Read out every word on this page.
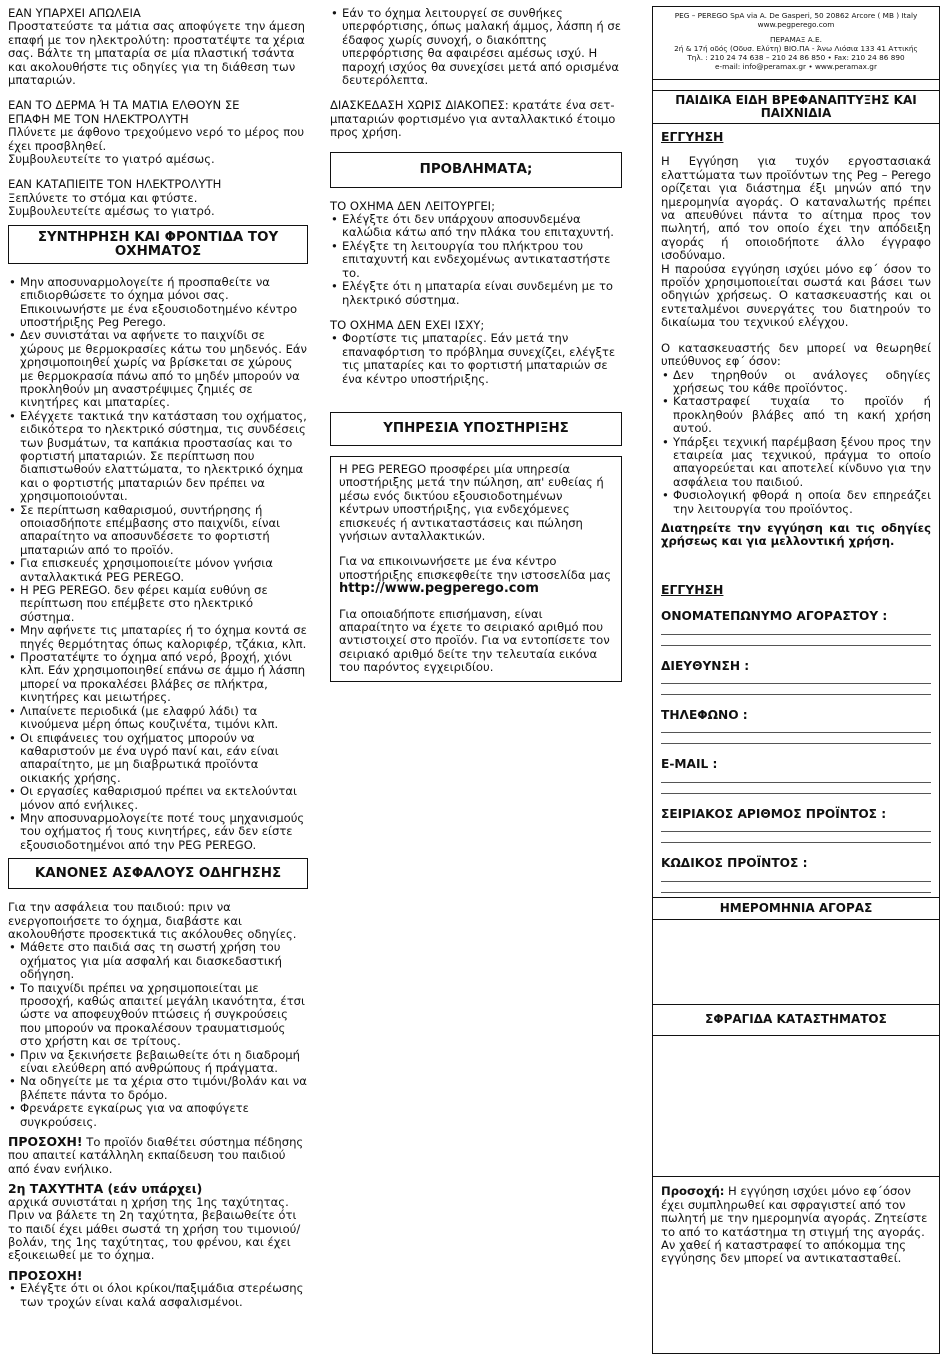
ΕΑΝ ΥΠΑΡΧΕΙ ΑΠΩΛΕΙΑ

Προστατεύστε τα μάτια σας αποφύγετε την άμεση επαφή με τον ηλεκτρολύτη: προστατέψτε τα χέρια σας. Βάλτε τη μπαταρία σε μία πλαστική τσάντα και ακολουθήστε τις οδηγίες για τη διάθεση των μπαταριών.

ΕΑΝ ΤΟ ΔΕΡΜΑ Ή ΤΑ ΜΑΤΙΑ ΕΛΘΟΥΝ ΣΕ

ΕΠΑΦΗ ΜΕ ΤΟΝ ΗΛΕΚΤΡΟΛΥΤΗ

Πλύνετε με άφθονο τρεχούμενο νερό το μέρος που έχει προσβληθεί.

Συμβουλευτείτε το γιατρό αμέσως.

ΕΑΝ ΚΑΤΑΠΙΕΙΤΕ ΤΟΝ ΗΛΕΚΤΡΟΛΥΤΗ

Ξεπλύνετε το στόμα και φτύστε.

Συμβουλευτείτε αμέσως το γιατρό.

ΣΥΝΤΗΡΗΣΗ ΚΑΙ ΦΡΟΝΤΙΔΑ ΤΟΥ ΟΧΗΜΑΤΟΣ
• Μην αποσυναρμολογείτε ή προσπαθείτε να επιδιορθώσετε το όχημα μόνοι σας. Επικοινωνήστε με ένα εξουσιοδοτημένο κέντρο υποστήριξης Peg Perego.
• Δεν συνιστάται να αφήνετε το παιχνίδι σε χώρους με θερμοκρασίες κάτω του μηδενός. Εάν χρησιμοποιηθεί χωρίς να βρίσκεται σε χώρους με θερμοκρασία πάνω από το μηδέν μπορούν να προκληθούν μη αναστρέψιμες ζημιές σε κινητήρες και μπαταρίες.
• Ελέγχετε τακτικά την κατάσταση του οχήματος, ειδικότερα το ηλεκτρικό σύστημα, τις συνδέσεις των βυσμάτων, τα καπάκια προστασίας και το φορτιστή μπαταριών. Σε περίπτωση που διαπιστωθούν ελαττώματα, το ηλεκτρικό όχημα και ο φορτιστής μπαταριών δεν πρέπει να χρησιμοποιούνται.
• Σε περίπτωση καθαρισμού, συντήρησης ή οποιασδήποτε επέμβασης στο παιχνίδι, είναι απαραίτητο να αποσυνδέσετε το φορτιστή μπαταριών από το προϊόν.
• Για επισκευές χρησιμοποιείτε μόνον γνήσια ανταλλακτικά PEG PEREGO.
• Η PEG PEREGO. δεν φέρει καμία ευθύνη σε περίπτωση που επέμβετε στο ηλεκτρικό σύστημα.
• Μην αφήνετε τις μπαταρίες ή το όχημα κοντά σε πηγές θερμότητας όπως καλοριφέρ, τζάκια, κλπ.
• Προστατέψτε το όχημα από νερό, βροχή, χιόνι κλπ. Εάν χρησιμοποιηθεί επάνω σε άμμο ή λάσπη μπορεί να προκαλέσει βλάβες σε πλήκτρα, κινητήρες και μειωτήρες.
• Λιπαίνετε περιοδικά (με ελαφρύ λάδι) τα κινούμενα μέρη όπως κουζινέτα, τιμόνι κλπ.
• Οι επιφάνειες του οχήματος μπορούν να καθαριστούν με ένα υγρό πανί και, εάν είναι απαραίτητο, με μη διαβρωτικά προϊόντα οικιακής χρήσης.
• Οι εργασίες καθαρισμού πρέπει να εκτελούνται μόνον από ενήλικες.
• Μην αποσυναρμολογείτε ποτέ τους μηχανισμούς του οχήματος ή τους κινητήρες, εάν δεν είστε εξουσιοδοτημένοι από την PEG PEREGO.
ΚΑΝΟΝΕΣ ΑΣΦΑΛΟΥΣ ΟΔΗΓΗΣΗΣ

Για την ασφάλεια του παιδιού: πριν να ενεργοποιήσετε το όχημα, διαβάστε και ακολουθήστε προσεκτικά τις ακόλουθες οδηγίες.

• Μάθετε στο παιδιά σας τη σωστή χρήση του οχήματος για μία ασφαλή και διασκεδαστική οδήγηση.
• Το παιχνίδι πρέπει να χρησιμοποιείται με προσοχή, καθώς απαιτεί μεγάλη ικανότητα, έτσι ώστε να αποφευχθούν πτώσεις ή συγκρούσεις που μπορούν να προκαλέσουν τραυματισμούς στο χρήστη και σε τρίτους.
• Πριν να ξεκινήσετε βεβαιωθείτε ότι η διαδρομή είναι ελεύθερη από ανθρώπους ή πράγματα.
• Να οδηγείτε με τα χέρια στο τιμόνι/βολάν και να βλέπετε πάντα το δρόμο.
• Φρενάρετε εγκαίρως για να αποφύγετε συγκρούσεις.

ΠΡΟΣΟΧΗ! Το προϊόν διαθέτει σύστημα πέδησης που απαιτεί κατάλληλη εκπαίδευση του παιδιού από έναν ενήλικο.

2η ΤΑΧΥΤΗΤΑ (εάν υπάρχει)

αρχικά συνιστάται η χρήση της 1ης ταχύτητας. Πριν να βάλετε τη 2η ταχύτητα, βεβαιωθείτε ότι το παιδί έχει μάθει σωστά τη χρήση του τιμονιού/βολάν, της 1ης ταχύτητας, του φρένου, και έχει εξοικειωθεί με το όχημα.

ΠΡΟΣΟΧΗ!

• Ελέγξτε ότι οι όλοι κρίκοι/παξιμάδια στερέωσης των τροχών είναι καλά ασφαλισμένοι.
• Εάν το όχημα λειτουργεί σε συνθήκες υπερφόρτισης, όπως μαλακή άμμος, λάσπη ή σε έδαφος χωρίς συνοχή, ο διακόπτης υπερφόρτισης θα αφαιρέσει αμέσως ισχύ. Η παροχή ισχύος θα συνεχίσει μετά από ορισμένα δευτερόλεπτα.

ΔΙΑΣΚΕΔΑΣΗ ΧΩΡΙΣ ΔΙΑΚΟΠΕΣ: κρατάτε ένα σετ-μπαταριών φορτισμένο για ανταλλακτικό έτοιμο προς χρήση.

ΠΡΟΒΛΗΜΑΤΑ;

ΤΟ ΟΧΗΜΑ ΔΕΝ ΛΕΙΤΟΥΡΓΕΙ;

• Ελέγξτε ότι δεν υπάρχουν αποσυνδεμένα καλώδια κάτω από την πλάκα του επιταχυντή.
• Ελέγξτε τη λειτουργία του πλήκτρου του επιταχυντή και ενδεχομένως αντικαταστήστε το.
• Ελέγξτε ότι η μπαταρία είναι συνδεμένη με το ηλεκτρικό σύστημα.

ΤΟ ΟΧΗΜΑ ΔΕΝ ΕΧΕΙ ΙΣΧΥ;

• Φορτίστε τις μπαταρίες. Εάν μετά την επαναφόρτιση το πρόβλημα συνεχίζει, ελέγξτε τις μπαταρίες και το φορτιστή μπαταριών σε ένα κέντρο υποστήριξης.
ΥΠΗΡΕΣΙΑ ΥΠΟΣΤΗΡΙΞΗΣ

Η PEG PEREGO προσφέρει μία υπηρεσία υποστήριξης μετά την πώληση, απ' ευθείας ή μέσω ενός δικτύου εξουσιοδοτημένων κέντρων υποστήριξης, για ενδεχόμενες επισκευές ή αντικαταστάσεις και πώληση γνήσιων ανταλλακτικών.

Για να επικοινωνήσετε με ένα κέντρο υποστήριξης επισκεφθείτε την ιστοσελίδα μας

http://www.pegperego.com

Για οποιαδήποτε επισήμανση, είναι απαραίτητο να έχετε το σειριακό αριθμό που αντιστοιχεί στο προϊόν. Για να εντοπίσετε τον σειριακό αριθμό δείτε την τελευταία εικόνα του παρόντος εγχειριδίου.

PEG – PEREGO SpA via A. De Gasperi, 50 20862 Arcore ( MB ) Italy
www.pegperego.com
ΠΕΡΑΜΑΞ Α.Ε.
2ή & 17ή οδός (Οδυσ. Ελύτη) ΒΙΟ.ΠΑ - Άνω Λιόσια 133 41 Αττικής
Τηλ. : 210 24 74 638 – 210 24 86 850 • Fax: 210 24 86 890
e-mail: info@peramax.gr • www.peramax.gr
ΠΑΙΔΙΚΑ ΕΙΔΗ ΒΡΕΦΑΝΑΠΤΥΞΗΣ ΚΑΙ ΠΑΙΧΝΙΔΙΑ

ΕΓΓΥΗΣΗ

Η Εγγύηση για τυχόν εργοστασιακά ελαττώματα των προϊόντων της Peg – Perego ορίζεται για διάστημα έξι μηνών από την ημερομηνία αγοράς. Ο καταναλωτής πρέπει να απευθύνει πάντα το αίτημα προς τον πωλητή, από τον οποίο έχει την απόδειξη αγοράς ή οποιοδήποτε άλλο έγγραφο ισοδύναμο.

Η παρούσα εγγύηση ισχύει μόνο εφ΄ όσον το προϊόν χρησιμοποιείται σωστά και βάσει των οδηγιών χρήσεως. Ο κατασκευαστής και οι εντεταλμένοι συνεργάτες του διατηρούν το δικαίωμα του τεχνικού ελέγχου.

Ο κατασκευαστής δεν μπορεί να θεωρηθεί υπεύθυνος εφ΄ όσον:

• Δεν τηρηθούν οι ανάλογες οδηγίες χρήσεως του κάθε προϊόντος.
• Καταστραφεί τυχαία το προϊόν ή προκληθούν βλάβες από τη κακή χρήση αυτού.
• Υπάρξει τεχνική παρέμβαση ξένου προς την εταιρεία μας τεχνικού, πράγμα το οποίο απαγορεύεται και αποτελεί κίνδυνο για την ασφάλεια του παιδιού.
• Φυσιολογική φθορά η οποία δεν επηρεάζει την λειτουργία του προϊόντος.

Διατηρείτε την εγγύηση και τις οδηγίες χρήσεως και για μελλοντική χρήση.

ΕΓΓΥΗΣΗ

ΟΝΟΜΑΤΕΠΩΝΥΜΟ ΑΓΟΡΑΣΤΟΥ :
ΔΙΕΥΘΥΝΣΗ :
ΤΗΛΕΦΩΝΟ :
E-MAIL :
ΣΕΙΡΙΑΚΟΣ ΑΡΙΘΜΟΣ ΠΡΟΪΝΤΟΣ :
ΚΩΔΙΚΟΣ ΠΡΟΪΝΤΟΣ :
ΗΜΕΡΟΜΗΝΙΑ ΑΓΟΡΑΣ
ΣΦΡΑΓΙΔΑ ΚΑΤΑΣΤΗΜΑΤΟΣ

Προσοχή: Η εγγύηση ισχύει μόνο εφ΄όσον έχει συμπληρωθεί και σφραγιστεί από τον πωλητή με την ημερομηνία αγοράς. Ζητείστε το από το κατάστημα τη στιγμή της αγοράς. Αν χαθεί ή καταστραφεί το απόκομμα της εγγύησης δεν μπορεί να αντικατασταθεί.
